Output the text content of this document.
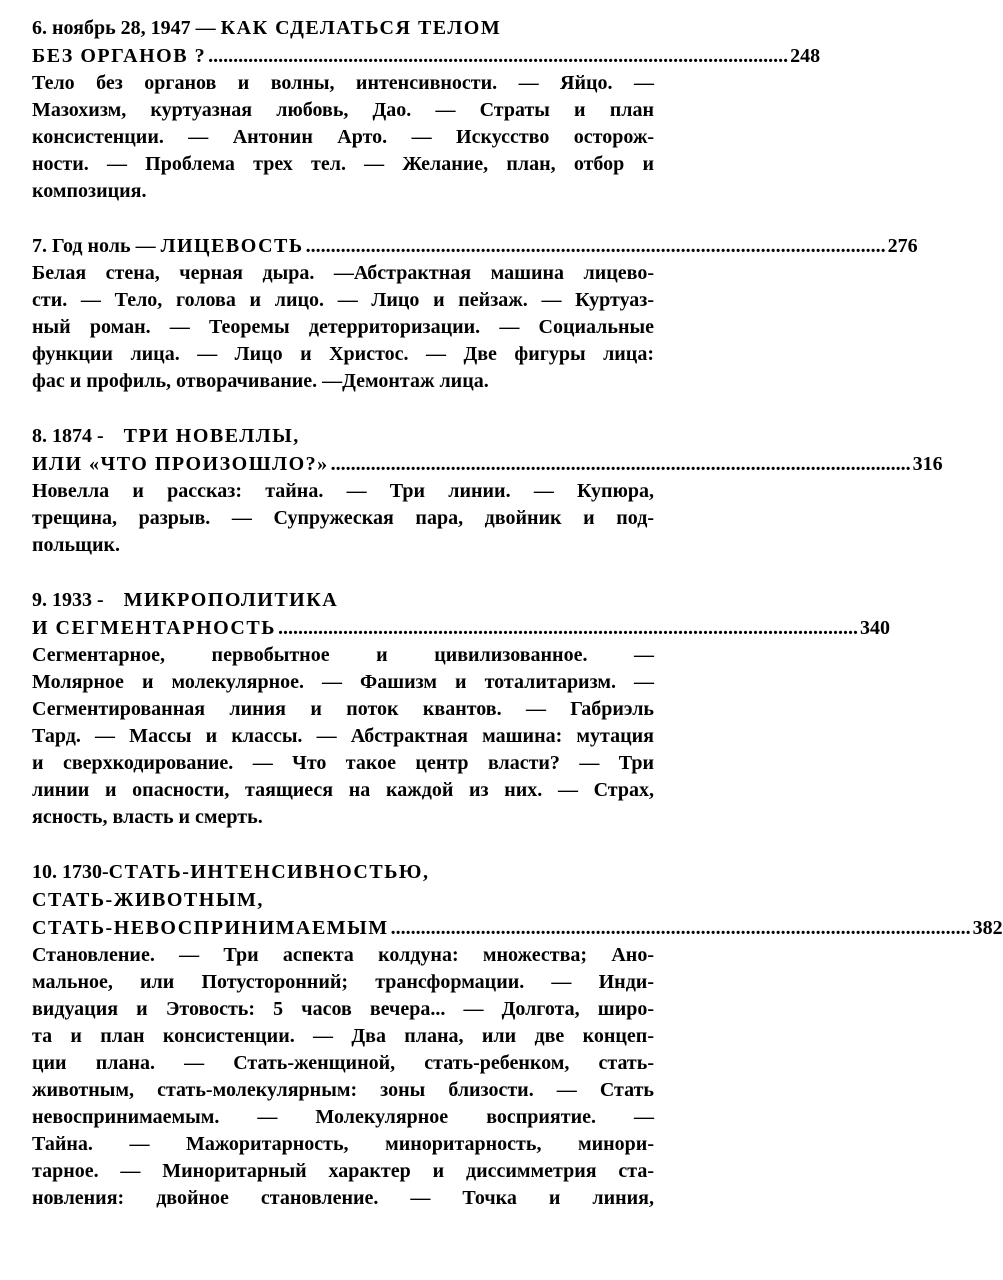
6. ноябрь 28, 1947 — КАК СДЕЛАТЬСЯ ТЕЛОМ
БЕЗ ОРГАНОВ ? .................................................................................................................... 248
Тело без органов и волны, интенсивности. — Яйцо. —
Мазохизм, куртуазная любовь, Дао. — Страты и план
консистенции. — Антонин Арто. — Искусство осторож-
ности. — Проблема трех тел. — Желание, план, отбор и
композиция.
7. Год ноль — ЛИЦЕВОСТЬ .................................................................................................................... 276
Белая стена, черная дыра. —Абстрактная машина лицево-
сти. — Тело, голова и лицо. — Лицо и пейзаж. — Куртуаз-
ный роман. — Теоремы детерриторизации. — Социальные
функции лица. — Лицо и Христос. — Две фигуры лица:
фас и профиль, отворачивание. —Демонтаж лица.
8. 1874 - ТРИ НОВЕЛЛЫ,
ИЛИ «ЧТО ПРОИЗОШЛО?» .................................................................................................................... 316
Новелла и рассказ: тайна. — Три линии. — Купюра,
трещина, разрыв. — Супружеская пара, двойник и под-
польщик.
9. 1933 - МИКРОПОЛИТИКА
И СЕГМЕНТАРНОСТЬ .................................................................................................................... 340
Сегментарное, первобытное и цивилизованное. —
Молярное и молекулярное. — Фашизм и тоталитаризм. —
Сегментированная линия и поток квантов. — Габриэль
Тард. — Массы и классы. — Абстрактная машина: мутация
и сверхкодирование. — Что такое центр власти? — Три
линии и опасности, таящиеся на каждой из них. — Страх,
ясность, власть и смерть.
10. 1730-СТАТЬ-ИНТЕНСИВНОСТЬЮ,
СТАТЬ-ЖИВОТНЫМ,
СТАТЬ-НЕВОСПРИНИМАЕМЫМ .................................................................................................................... 382
Становление. — Три аспекта колдуна: множества; Ано-
мальное, или Потусторонний; трансформации. — Инди-
видуация и Этовость: 5 часов вечера... — Долгота, широ-
та и план консистенции. — Два плана, или две концеп-
ции плана. — Стать-женщиной, стать-ребенком, стать-
животным, стать-молекулярным: зоны близости. — Стать
невоспринимаемым. — Молекулярное восприятие. —
Тайна. — Мажоритарность, миноритарность, минори-
тарное. — Миноритарный характер и диссимметрия ста-
новления: двойное становление. — Точка и линия,
